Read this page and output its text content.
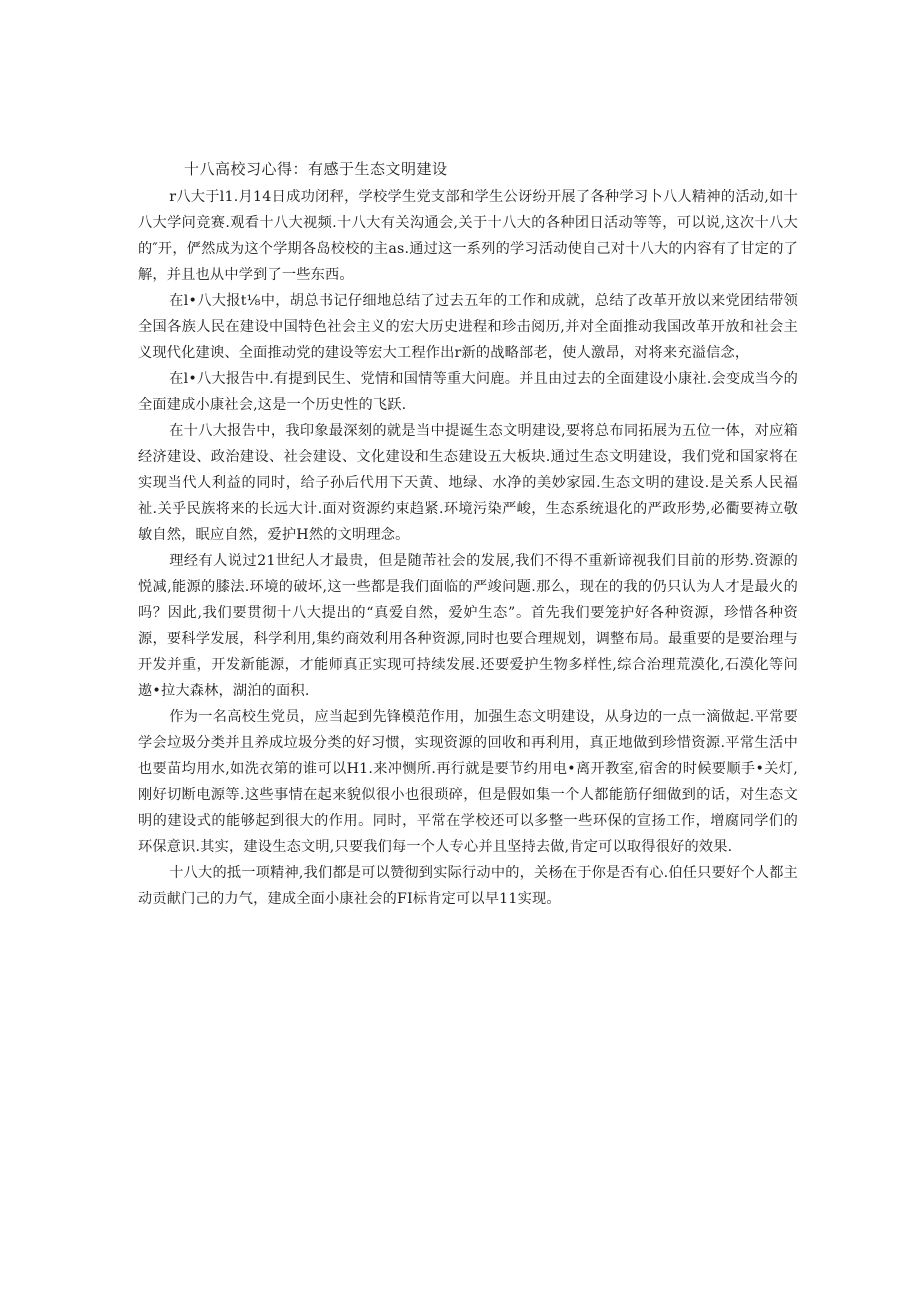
十八高校习心得：有感于生态文明建设

r八大于l1.月14日成功闭秤，学校学生党支部和学生公讶纷开展了各种学习卜八人精神的活动,如十八大学问竞赛.观看十八大视频.十八大有关沟通会,关于十八大的各种团日活动等等，可以说,这次十八大的″开，俨然成为这个学期各岛校校的主as.通过这一系列的学习活动使自己对十八大的内容有了甘定的了解，并且也从中学到了一些东西。

在l•八大报t⅛中，胡总书记仔细地总结了过去五年的工作和成就，总结了改革开放以来党团结带领全国各族人民在建设中国特色社会主义的宏大历史进程和珍击阅历,并对全面推动我国改革开放和社会主义现代化建谀、全面推动党的建设等宏大工程作出r新的战略部老，使人激昂，对将来充溢信念，

在l•八大报告中.有提到民生、党情和国情等重大问鹿。并且由过去的全面建设小康社.会变成当今的全面建成小康社会,这是一个历史性的飞跃.

在十八大报告中，我印象最深刻的就是当中提诞生态文明建设,要将总布同拓展为五位一体，对应箱经济建设、政治建设、社会建设、文化建设和生态建设五大板块.通过生态文明建设，我们党和国家将在实现当代人利益的同时，给子孙后代用下天黄、地绿、水净的美妙家园.生态文明的建设.是关系人民福祉.关乎民族将来的长远大计.面对资源约束趋紧.环境污染严峻，生态系统退化的严政形势,必衢要祷立敬敏自然，眠应自然，爱护H然的文明理念。

理经有人说过21世纪人才最贵，但是随芾社会的发展,我们不得不重新谛视我们目前的形势.资源的悦减,能源的膝法.环境的破坏,这一些都是我们面临的严竣问题.那么，现在的我的仍只认为人才是最火的吗？因此,我们要贯彻十八大提出的“真爱自然，爱妒生态”。首先我们要笼护好各种资源，珍惜各种资源，要科学发展，科学利用,集约商效利用各种资源,同时也要合理规划，调整布局。最重要的是要治理与开发并重，开发新能源，才能师真正实现可持续发展.还要爱护生物多样性,综合治理荒漠化,石漠化等问遨•拉大森林，湖泊的面积.

作为一名高校生党员，应当起到先锋模范作用，加强生态文明建设，从身边的一点一滴做起.平常要学会垃圾分类并且养成垃圾分类的好习惯，实现资源的回收和再利用，真正地做到珍惜资源.平常生活中也要苗均用水,如洗衣第的谁可以H1.来冲恻所.再行就是要节约用电•离开教室,宿舍的时候要顺手•关灯,刚好切断电源等.这些事情在起来貌似很小也很琐碎，但是假如集一个人都能筋仔细做到的话，对生态文明的建设式的能够起到很大的作用。同时，平常在学校还可以多整一些环保的宣扬工作，增腐同学们的环保意识.其实，建设生态文明,只要我们每一个人专心并且坚持去做,肯定可以取得很好的效果.

十八大的抵一项精神,我们都是可以赞彻到实际行动中的，关杨在于你是否有心.伯任只要好个人都主动贡献门己的力气，建成全面小康社会的FI标肯定可以早11实现。
